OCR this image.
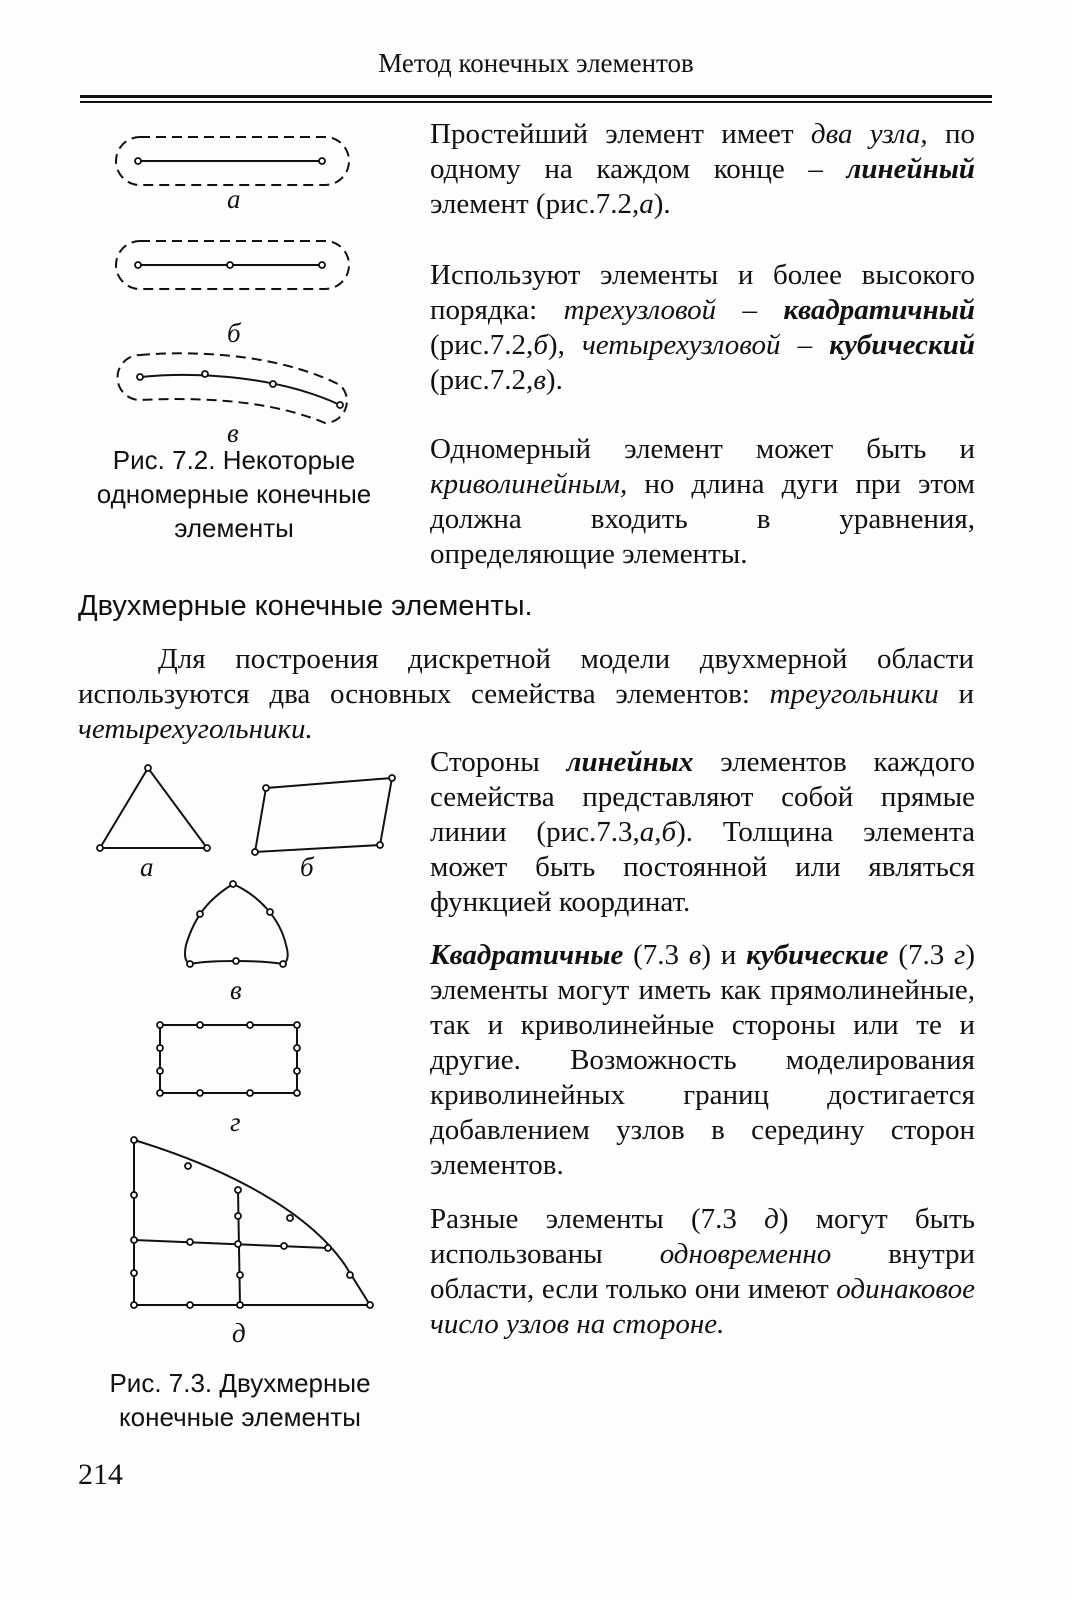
Метод конечных элементов
а
б
в
Рис. 7.2. Некоторые
одномерные конечные
элементы
Простейший элемент имеет два узла, по одному на каждом конце – линейный элемент (рис.7.2,а).
Используют элементы и более высокого порядка: трехузловой – квадратичный (рис.7.2,б), четырехузловой – кубический (рис.7.2,в).
Одномерный элемент может быть и криволинейным, но длина дуги при этом должна входить в уравнения, определяющие элементы.
Двухмерные конечные элементы.
Для построения дискретной модели двухмерной области используются два основных семейства элементов: треугольники и четырехугольники.
а	б
в
г
д
Рис. 7.3. Двухмерные
конечные элементы
Стороны линейных элементов каждого семейства представляют собой прямые линии (рис.7.3,а,б). Толщина элемента может быть постоянной или являться функцией координат.
Квадратичные (7.3 в) и кубические (7.3 г) элементы могут иметь как прямолинейные, так и криволинейные стороны или те и другие. Возможность моделирования криволинейных границ достигается добавлением узлов в середину сторон элементов.
Разные элементы (7.3 д) могут быть использованы одновременно внутри области, если только они имеют одинаковое число узлов на стороне.
214
